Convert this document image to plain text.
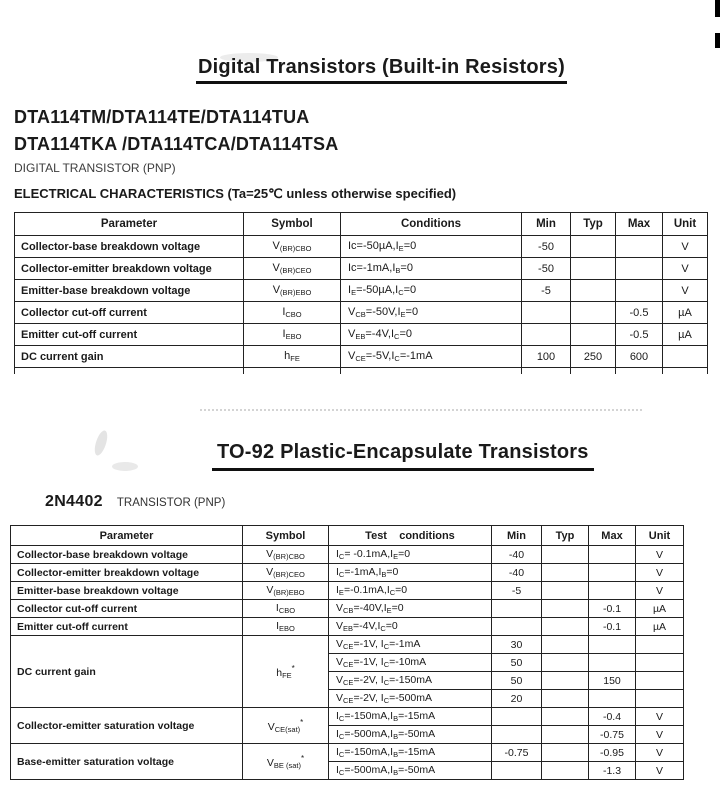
Digital Transistors (Built-in Resistors)
DTA114TM/DTA114TE/DTA114TUA
DTA114TKA /DTA114TCA/DTA114TSA
DIGITAL TRANSISTOR (PNP)
ELECTRICAL CHARACTERISTICS (Ta=25℃ unless otherwise specified)
Parameter	Symbol	Conditions	Min	Typ	Max	Unit
Collector-base breakdown voltage	$V_{(BR)CBO}$	$Ic=-50\mu A,I_E=0$	-50			V
Collector-emitter breakdown voltage	$V_{(BR)CEO}$	$Ic=-1mA,I_B=0$	-50			V
Emitter-base breakdown voltage	$V_{(BR)EBO}$	$I_E=-50\mu A,I_C=0$	-5			V
Collector cut-off current	$I_{CBO}$	$V_{CB}=-50V,I_E=0$			-0.5	µA
Emitter cut-off current	$I_{EBO}$	$V_{EB}=-4V,I_C=0$			-0.5	µA
DC current gain	$h_{FE}$	$V_{CE}=-5V,I_C=-1mA$	100	250	600	

TO-92 Plastic-Encapsulate Transistors
2N4402 TRANSISTOR (PNP)
Parameter	Symbol	Test    conditions	Min	Typ	Max	Unit
Collector-base breakdown voltage	$V_{(BR)CBO}$	$I_C= -0.1mA,I_E=0$	-40			V
Collector-emitter breakdown voltage	$V_{(BR)CEO}$	$I_C=-1mA,I_B=0$	-40			V
Emitter-base breakdown voltage	$V_{(BR)EBO}$	$I_E=-0.1mA,I_C=0$	-5			V
Collector cut-off current	$I_{CBO}$	$V_{CB}=-40V,I_E=0$			-0.1	µA
Emitter cut-off current	$I_{EBO}$	$V_{EB}=-4V,I_C=0$			-0.1	µA
DC current gain	$h_{FE}^*$	$V_{CE}=-1V$, $I_C=-1mA$	30			
		$V_{CE}=-1V$, $I_C=-10mA$	50			
		$V_{CE}=-2V$, $I_C=-150mA$	50		150	
		$V_{CE}=-2V$, $I_C=-500mA$	20			
Collector-emitter saturation voltage	$V_{CE(sat)}^*$	$I_C=-150mA,I_B=-15mA$			-0.4	V
		$I_C=-500mA,I_B=-50mA$			-0.75	V
Base-emitter saturation voltage	$V_{BE (sat)}^*$	$I_C=-150mA,I_B=-15mA$	-0.75		-0.95	V
		$I_C=-500mA,I_B=-50mA$			-1.3	V
